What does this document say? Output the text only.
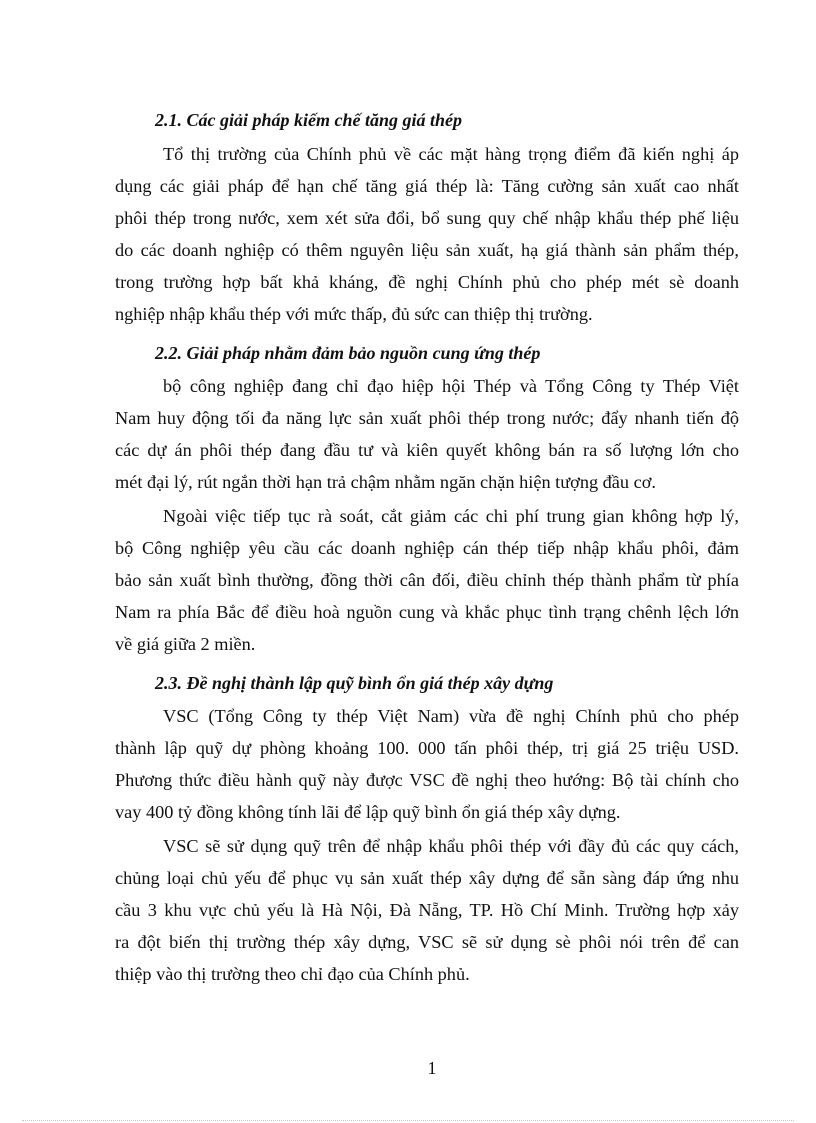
2.1. Các giải pháp kiếm chế tăng giá thép
Tổ thị trường của Chính phủ về các mặt hàng trọng điểm đã kiến nghị áp
dụng các giải pháp để hạn chế tăng giá thép là: Tăng cường sản xuất cao nhất
phôi thép trong nước, xem xét sửa đổi, bổ sung quy chế nhập khẩu thép phế liệu
do các doanh nghiệp có thêm nguyên liệu sản xuất, hạ giá thành sản phẩm thép,
trong trường hợp bất khả kháng, đề nghị Chính phủ cho phép mét sè doanh
nghiệp nhập khẩu thép với mức thấp, đủ sức can thiệp thị trường.
2.2. Giải pháp nhằm đảm bảo nguồn cung ứng thép
bộ công nghiệp đang chỉ đạo hiệp hội Thép và Tổng Công ty Thép Việt
Nam huy động tối đa năng lực sản xuất phôi thép trong nước; đẩy nhanh tiến độ
các dự án phôi thép đang đầu tư và kiên quyết không bán ra số lượng lớn cho
mét đại lý, rút ngắn thời hạn trả chậm nhằm ngăn chặn hiện tượng đầu cơ.
Ngoài việc tiếp tục rà soát, cắt giảm các chi phí trung gian không hợp lý,
bộ Công nghiệp yêu cầu các doanh nghiệp cán thép tiếp nhập khẩu phôi, đảm
bảo sản xuất bình thường, đồng thời cân đối, điều chỉnh thép thành phẩm từ phía
Nam ra phía Bắc để điều hoà nguồn cung và khắc phục tình trạng chênh lệch lớn
về giá giữa 2 miền.
2.3. Đề nghị thành lập quỹ bình ổn giá thép xây dựng
VSC (Tổng Công ty thép Việt Nam) vừa đề nghị Chính phủ cho phép
thành lập quỹ dự phòng khoảng 100. 000 tấn phôi thép, trị giá 25 triệu USD.
Phương thức điều hành quỹ này được VSC đề nghị theo hướng: Bộ tài chính cho
vay 400 tỷ đồng không tính lãi để lập quỹ bình ổn giá thép xây dựng.
VSC sẽ sử dụng quỹ trên để nhập khẩu phôi thép với đầy đủ các quy cách,
chủng loại chủ yếu để phục vụ sản xuất thép xây dựng để sẵn sàng đáp ứng nhu
cầu 3 khu vực chủ yếu là Hà Nội, Đà Nẵng, TP. Hồ Chí Minh. Trường hợp xảy
ra đột biến thị trường thép xây dựng, VSC sẽ sử dụng sè phôi nói trên để can
thiệp vào thị trường theo chỉ đạo của Chính phủ.
1
